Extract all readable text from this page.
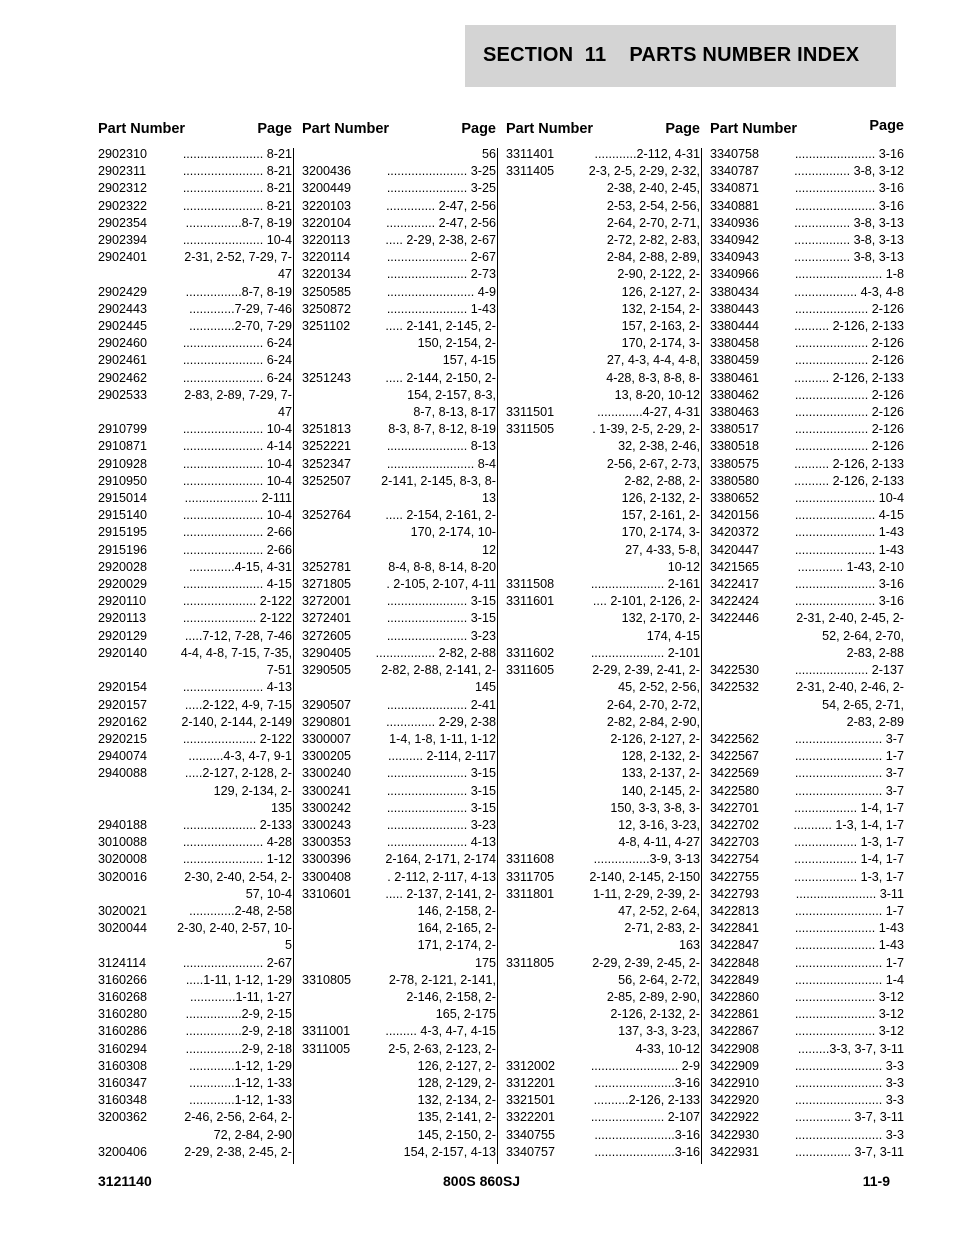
SECTION  11    PARTS NUMBER INDEX
Part Number	Page
2902310	....................... 8-21
2902311	....................... 8-21
2902312	....................... 8-21
2902322	....................... 8-21
2902354	................8-7, 8-19
2902394	....................... 10-4
2902401	2-31, 2-52, 7-29, 7-
47
2902429	................8-7, 8-19
2902443	.............7-29, 7-46
2902445	.............2-70, 7-29
2902460	....................... 6-24
2902461	....................... 6-24
2902462	....................... 6-24
2902533	2-83, 2-89, 7-29, 7-
47
2910799	....................... 10-4
2910871	....................... 4-14
2910928	....................... 10-4
2910950	....................... 10-4
2915014	..................... 2-111
2915140	....................... 10-4
2915195	....................... 2-66
2915196	....................... 2-66
2920028	.............4-15, 4-31
2920029	....................... 4-15
2920110	..................... 2-122
2920113	..................... 2-122
2920129	.....7-12, 7-28, 7-46
2920140	4-4, 4-8, 7-15, 7-35,
7-51
2920154	....................... 4-13
2920157	.....2-122, 4-9, 7-15
2920162	2-140, 2-144, 2-149
2920215	..................... 2-122
2940074	..........4-3, 4-7, 9-1
2940088	.....2-127, 2-128, 2-
129, 2-134, 2-
135
2940188	..................... 2-133
3010088	....................... 4-28
3020008	....................... 1-12
3020016	2-30, 2-40, 2-54, 2-
57, 10-4
3020021	.............2-48, 2-58
3020044	2-30, 2-40, 2-57, 10-
5
3124114	....................... 2-67
3160266	.....1-11, 1-12, 1-29
3160268	.............1-11, 1-27
3160280	................2-9, 2-15
3160286	................2-9, 2-18
3160294	................2-9, 2-18
3160308	.............1-12, 1-29
3160347	.............1-12, 1-33
3160348	.............1-12, 1-33
3200362	2-46, 2-56, 2-64, 2-
72, 2-84, 2-90
3200406	2-29, 2-38, 2-45, 2-
Part Number	Page
56
3200436	....................... 3-25
3200449	....................... 3-25
3220103	.............. 2-47, 2-56
3220104	.............. 2-47, 2-56
3220113	..... 2-29, 2-38, 2-67
3220114	....................... 2-67
3220134	....................... 2-73
3250585	......................... 4-9
3250872	....................... 1-43
3251102	..... 2-141, 2-145, 2-
150, 2-154, 2-
157, 4-15
3251243	..... 2-144, 2-150, 2-
154, 2-157, 8-3,
8-7, 8-13, 8-17
3251813	8-3, 8-7, 8-12, 8-19
3252221	....................... 8-13
3252347	......................... 8-4
3252507	2-141, 2-145, 8-3, 8-
13
3252764	..... 2-154, 2-161, 2-
170, 2-174, 10-
12
3252781	8-4, 8-8, 8-14, 8-20
3271805	. 2-105, 2-107, 4-11
3272001	....................... 3-15
3272401	....................... 3-15
3272605	....................... 3-23
3290405	................. 2-82, 2-88
3290505	2-82, 2-88, 2-141, 2-
145
3290507	....................... 2-41
3290801	.............. 2-29, 2-38
3300007	1-4, 1-8, 1-11, 1-12
3300205	.......... 2-114, 2-117
3300240	....................... 3-15
3300241	....................... 3-15
3300242	....................... 3-15
3300243	....................... 3-23
3300353	....................... 4-13
3300396	2-164, 2-171, 2-174
3300408	. 2-112, 2-117, 4-13
3310601	..... 2-137, 2-141, 2-
146, 2-158, 2-
164, 2-165, 2-
171, 2-174, 2-
175
3310805	2-78, 2-121, 2-141,
2-146, 2-158, 2-
165, 2-175
3311001	......... 4-3, 4-7, 4-15
3311005	2-5, 2-63, 2-123, 2-
126, 2-127, 2-
128, 2-129, 2-
132, 2-134, 2-
135, 2-141, 2-
145, 2-150, 2-
154, 2-157, 4-13
Part Number	Page
3311401	............2-112, 4-31
3311405	2-3, 2-5, 2-29, 2-32,
2-38, 2-40, 2-45,
2-53, 2-54, 2-56,
2-64, 2-70, 2-71,
2-72, 2-82, 2-83,
2-84, 2-88, 2-89,
2-90, 2-122, 2-
126, 2-127, 2-
132, 2-154, 2-
157, 2-163, 2-
170, 2-174, 3-
27, 4-3, 4-4, 4-8,
4-28, 8-3, 8-8, 8-
13, 8-20, 10-12
3311501	.............4-27, 4-31
3311505	. 1-39, 2-5, 2-29, 2-
32, 2-38, 2-46,
2-56, 2-67, 2-73,
2-82, 2-88, 2-
126, 2-132, 2-
157, 2-161, 2-
170, 2-174, 3-
27, 4-33, 5-8,
10-12
3311508	..................... 2-161
3311601	.... 2-101, 2-126, 2-
132, 2-170, 2-
174, 4-15
3311602	..................... 2-101
3311605	2-29, 2-39, 2-41, 2-
45, 2-52, 2-56,
2-64, 2-70, 2-72,
2-82, 2-84, 2-90,
2-126, 2-127, 2-
128, 2-132, 2-
133, 2-137, 2-
140, 2-145, 2-
150, 3-3, 3-8, 3-
12, 3-16, 3-23,
4-8, 4-11, 4-27
3311608	................3-9, 3-13
3311705	2-140, 2-145, 2-150
3311801	1-11, 2-29, 2-39, 2-
47, 2-52, 2-64,
2-71, 2-83, 2-
163
3311805	2-29, 2-39, 2-45, 2-
56, 2-64, 2-72,
2-85, 2-89, 2-90,
2-126, 2-132, 2-
137, 3-3, 3-23,
4-33, 10-12
3312002	......................... 2-9
3312201	.......................3-16
3321501	..........2-126, 2-133
3322201	..................... 2-107
3340755	.......................3-16
3340757	.......................3-16
Part Number	Page
3340758	....................... 3-16
3340787	................ 3-8, 3-12
3340871	....................... 3-16
3340881	....................... 3-16
3340936	................ 3-8, 3-13
3340942	................ 3-8, 3-13
3340943	................ 3-8, 3-13
3340966	......................... 1-8
3380434	.................. 4-3, 4-8
3380443	..................... 2-126
3380444	.......... 2-126, 2-133
3380458	..................... 2-126
3380459	..................... 2-126
3380461	.......... 2-126, 2-133
3380462	..................... 2-126
3380463	..................... 2-126
3380517	..................... 2-126
3380518	..................... 2-126
3380575	.......... 2-126, 2-133
3380580	.......... 2-126, 2-133
3380652	....................... 10-4
3420156	....................... 4-15
3420372	....................... 1-43
3420447	....................... 1-43
3421565	............. 1-43, 2-10
3422417	....................... 3-16
3422424	....................... 3-16
3422446	2-31, 2-40, 2-45, 2-
52, 2-64, 2-70,
2-83, 2-88
3422530	..................... 2-137
3422532	2-31, 2-40, 2-46, 2-
54, 2-65, 2-71,
2-83, 2-89
3422562	......................... 3-7
3422567	......................... 1-7
3422569	......................... 3-7
3422580	......................... 3-7
3422701	.................. 1-4, 1-7
3422702	........... 1-3, 1-4, 1-7
3422703	.................. 1-3, 1-7
3422754	.................. 1-4, 1-7
3422755	.................. 1-3, 1-7
3422793	....................... 3-11
3422813	......................... 1-7
3422841	....................... 1-43
3422847	....................... 1-43
3422848	......................... 1-7
3422849	......................... 1-4
3422860	....................... 3-12
3422861	....................... 3-12
3422867	....................... 3-12
3422908	.........3-3, 3-7, 3-11
3422909	......................... 3-3
3422910	......................... 3-3
3422920	......................... 3-3
3422922	................ 3-7, 3-11
3422930	......................... 3-3
3422931	................ 3-7, 3-11
3121140	800S 860SJ	11-9
